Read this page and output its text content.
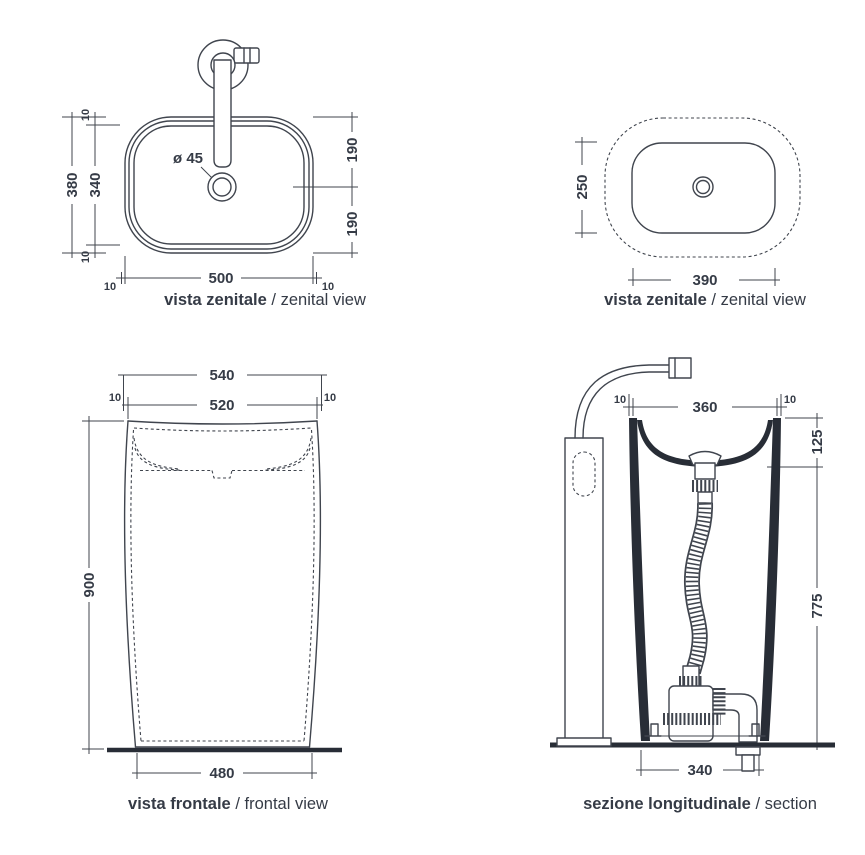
380 340
10
10
190
190
500
10	10
ø 45
vista zenitale / zenital view
250
390
vista zenitale / zenital view
540
520
10	10
900
480
vista frontale / frontal view
360
10	10
125
775
340
sezione longitudinale / section
